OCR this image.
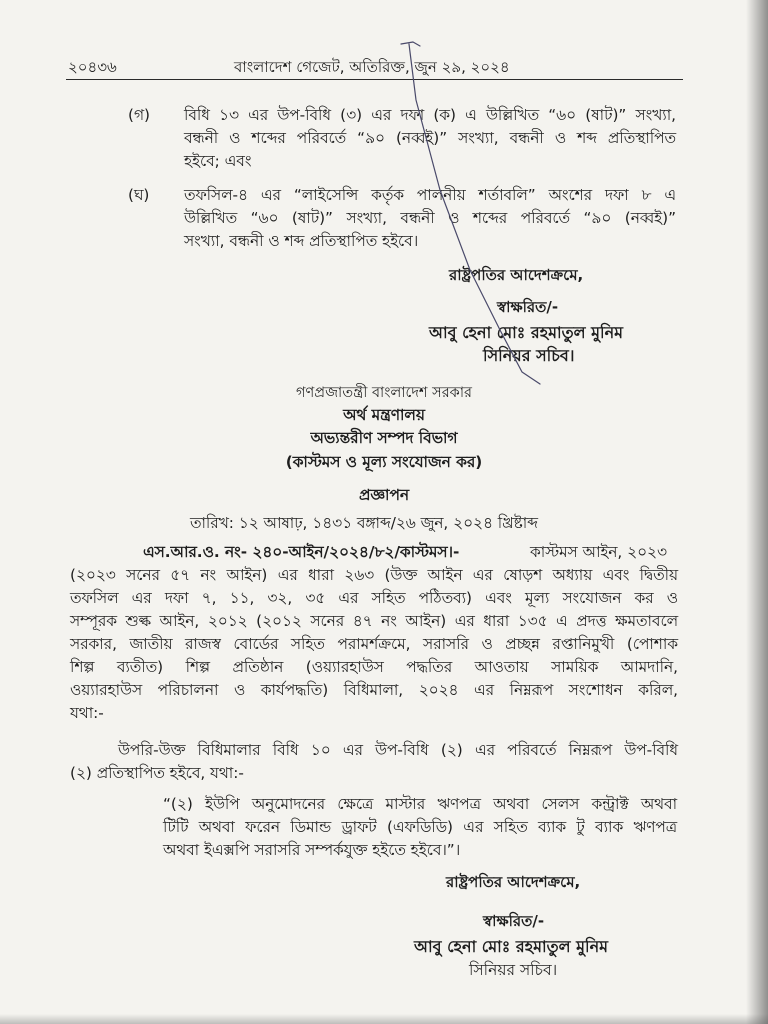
২০৪৩৬	বাংলাদেশ গেজেট, অতিরিক্ত, জুন ২৯, ২০২৪
(গ) বিধি ১৩ এর উপ-বিধি (৩) এর দফা (ক) এ উল্লিখিত “৬০ (ষাট)” সংখ্যা,
বন্ধনী ও শব্দের পরিবর্তে “৯০ (নব্বই)” সংখ্যা, বন্ধনী ও শব্দ প্রতিস্থাপিত
হইবে; এবং
(ঘ) তফসিল-৪ এর “লাইসেন্সি কর্তৃক পালনীয় শর্তাবলি” অংশের দফা ৮ এ
উল্লিখিত “৬০ (ষাট)” সংখ্যা, বন্ধনী ও শব্দের পরিবর্তে “৯০ (নব্বই)”
সংখ্যা, বন্ধনী ও শব্দ প্রতিস্থাপিত হইবে।
রাষ্ট্রপতির আদেশক্রমে,
স্বাক্ষরিত/-
আবু হেনা মোঃ রহমাতুল মুনিম
সিনিয়র সচিব।
গণপ্রজাতন্ত্রী বাংলাদেশ সরকার
অর্থ মন্ত্রণালয়
অভ্যন্তরীণ সম্পদ বিভাগ
(কাস্টমস ও মূল্য সংযোজন কর)
প্রজ্ঞাপন
তারিখ: ১২ আষাঢ়, ১৪৩১ বঙ্গাব্দ/২৬ জুন, ২০২৪ খ্রিষ্টাব্দ
এস.আর.ও. নং- ২৪০-আইন/২০২৪/৮২/কাস্টমস।-	কাস্টমস আইন, ২০২৩
(২০২৩ সনের ৫৭ নং আইন) এর ধারা ২৬৩ (উক্ত আইন এর ষোড়শ অধ্যায় এবং দ্বিতীয়
তফসিল এর দফা ৭, ১১, ৩২, ৩৫ এর সহিত পঠিতব্য) এবং মূল্য সংযোজন কর ও
সম্পূরক শুল্ক আইন, ২০১২ (২০১২ সনের ৪৭ নং আইন) এর ধারা ১৩৫ এ প্রদত্ত ক্ষমতাবলে
সরকার, জাতীয় রাজস্ব বোর্ডের সহিত পরামর্শক্রমে, সরাসরি ও প্রচ্ছন্ন রপ্তানিমুখী (পোশাক
শিল্প ব্যতীত) শিল্প প্রতিষ্ঠান (ওয়্যারহাউস পদ্ধতির আওতায় সাময়িক আমদানি,
ওয়্যারহাউস পরিচালনা ও কার্যপদ্ধতি) বিধিমালা, ২০২৪ এর নিম্নরূপ সংশোধন করিল,
যথা:-
উপরি-উক্ত বিধিমালার বিধি ১০ এর উপ-বিধি (২) এর পরিবর্তে নিম্নরূপ উপ-বিধি
(২) প্রতিস্থাপিত হইবে, যথা:-
“(২) ইউপি অনুমোদনের ক্ষেত্রে মাস্টার ঋণপত্র অথবা সেলস কন্ট্রাক্ট অথবা
টিটি অথবা ফরেন ডিমান্ড ড্রাফট (এফডিডি) এর সহিত ব্যাক টু ব্যাক ঋণপত্র
অথবা ইএক্সপি সরাসরি সম্পর্কযুক্ত হইতে হইবে।”।
রাষ্ট্রপতির আদেশক্রমে,
স্বাক্ষরিত/-
আবু হেনা মোঃ রহমাতুল মুনিম
সিনিয়র সচিব।
